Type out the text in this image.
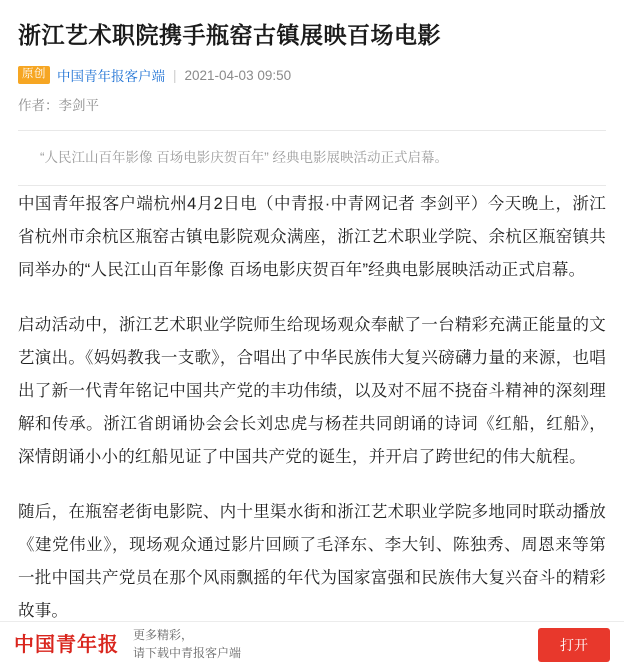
浙江艺术职院携手瓶窑古镇展映百场电影
原创 中国青年报客户端 | 2021-04-03 09:50
作者：李剑平
“人民江山百年影像 百场电影庆贺百年” 经典电影展映活动正式启幕。

中国青年报客户端杭州4月2日电（中青报·中青网记者 李剑平）今天晚上，浙江省杭州市余杭区瓶窑古镇电影院观众满座，浙江艺术职业学院、余杭区瓶窑镇共同举办的“人民江山百年影像 百场电影庆贺百年”经典电影展映活动正式启幕。

启动活动中，浙江艺术职业学院师生给现场观众奉献了一台精彩充满正能量的文艺演出。《妈妈教我一支歌》，合唱出了中华民族伟大复兴磅礴力量的来源，也唱出了新一代青年铭记中国共产党的丰功伟绩，以及对不屈不挠奋斗精神的深刻理解和传承。浙江省朗诵协会会长刘忠虎与杨茬共同朗诵的诗词《红船，红船》，深情朗诵小小的红船见证了中国共产党的诞生，并开启了跨世纪的伟大航程。

随后，在瓶窑老街电影院、内十里渠水街和浙江艺术职业学院多地同时联动播放《建党伟业》，现场观众通过影片回顾了毛泽东、李大钊、陈独秀、周恩来等第一批中国共产党员在那个风雨飘摇的年代为国家富强和民族伟大复兴奋斗的精彩故事。

中国青年报 更多精彩，
请下载中青报客户端	打开
